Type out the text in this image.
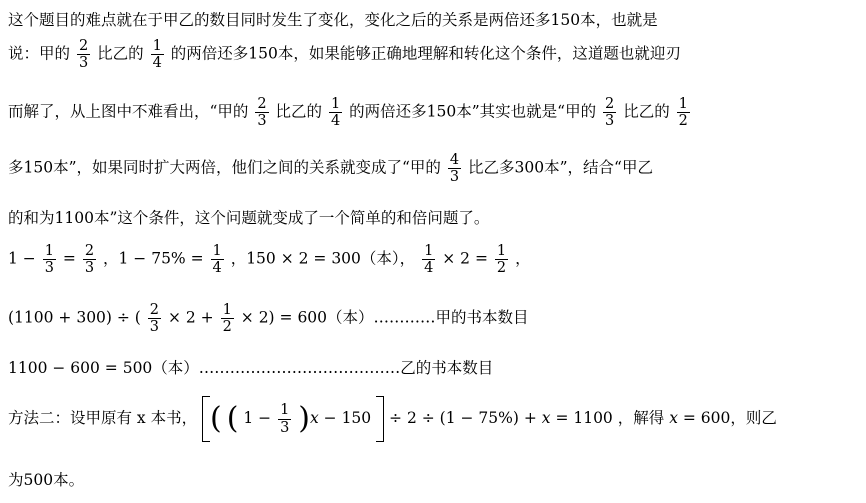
这个题目的难点就在于甲乙的数目同时发生了变化，变化之后的关系是两倍还多150本，也就是
说：甲的 $\frac{2}{3}$ 比乙的 $\frac{1}{4}$ 的两倍还多150本，如果能够正确地理解和转化这个条件，这道题也就迎刃
而解了，从上图中不难看出，“甲的 $\frac{2}{3}$ 比乙的 $\frac{1}{4}$ 的两倍还多150本”其实也就是“甲的 $\frac{2}{3}$ 比乙的 $\frac{1}{2}$
多150本”，如果同时扩大两倍，他们之间的关系就变成了“甲的 $\frac{4}{3}$ 比乙多300本”，结合“甲乙
的和为1100本”这个条件，这个问题就变成了一个简单的和倍问题了。
$1 - \frac{1}{3} = \frac{2}{3}$ ，$1 - 75\% = \frac{1}{4}$ ，150 × 2 = 300（本）， $\frac{1}{4} \times 2 = \frac{1}{2}$ ，
(1100 + 300) ÷ ( $\frac{2}{3} \times 2 + \frac{1}{2} \times 2) = 600$（本）…………甲的书本数目
1100 − 600 = 500（本）…………………………………乙的书本数目
方法二：设甲原有 x 本书， ( ( $1 - \frac{1}{3} )x - 150 \div 2 \div (1 - 75\%) + x = 1100$ ，解得 x = 600，则乙
为500本。
